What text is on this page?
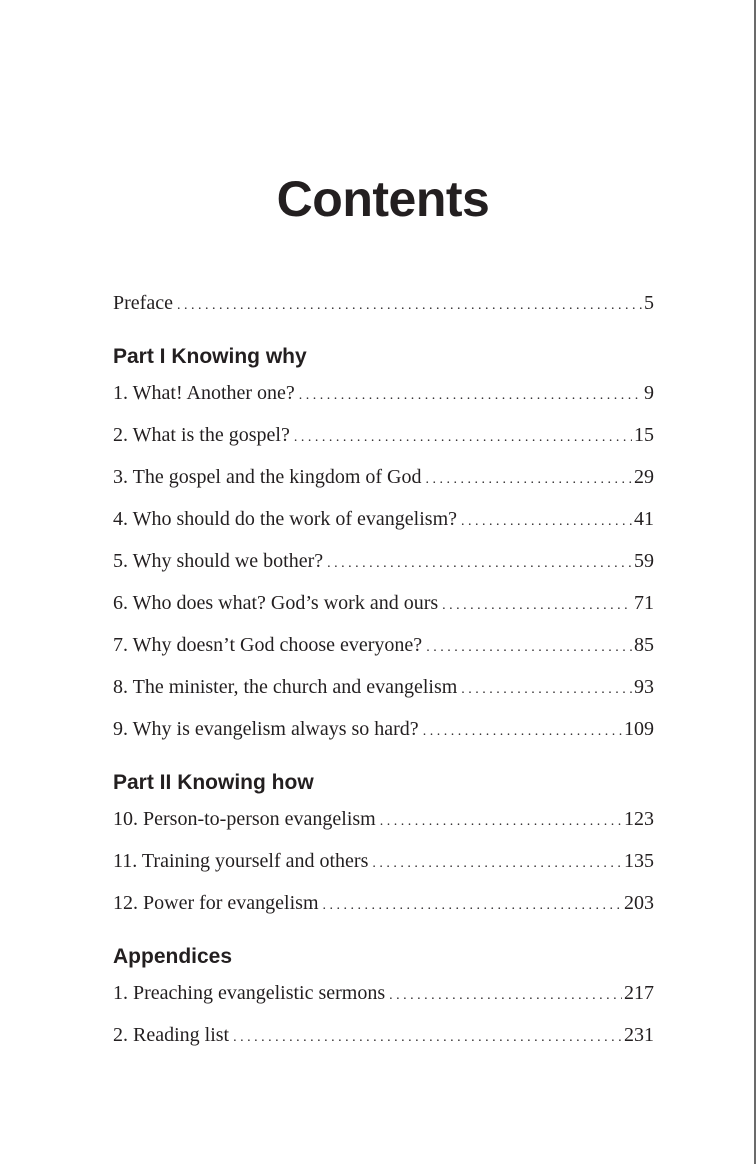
Contents
Preface . . .	5
Part I Knowing why
1. What! Another one? . . .	9
2. What is the gospel? . . .	15
3. The gospel and the kingdom of God . . .	29
4. Who should do the work of evangelism? . . .	41
5. Why should we bother? . . .	59
6. Who does what? God’s work and ours . . .	71
7. Why doesn’t God choose everyone? . . .	85
8. The minister, the church and evangelism . . .	93
9. Why is evangelism always so hard? . . .	109
Part II Knowing how
10. Person-to-person evangelism . . .	123
11. Training yourself and others . . .	135
12. Power for evangelism . . .	203
Appendices
1. Preaching evangelistic sermons . . .	217
2. Reading list . . .	231
